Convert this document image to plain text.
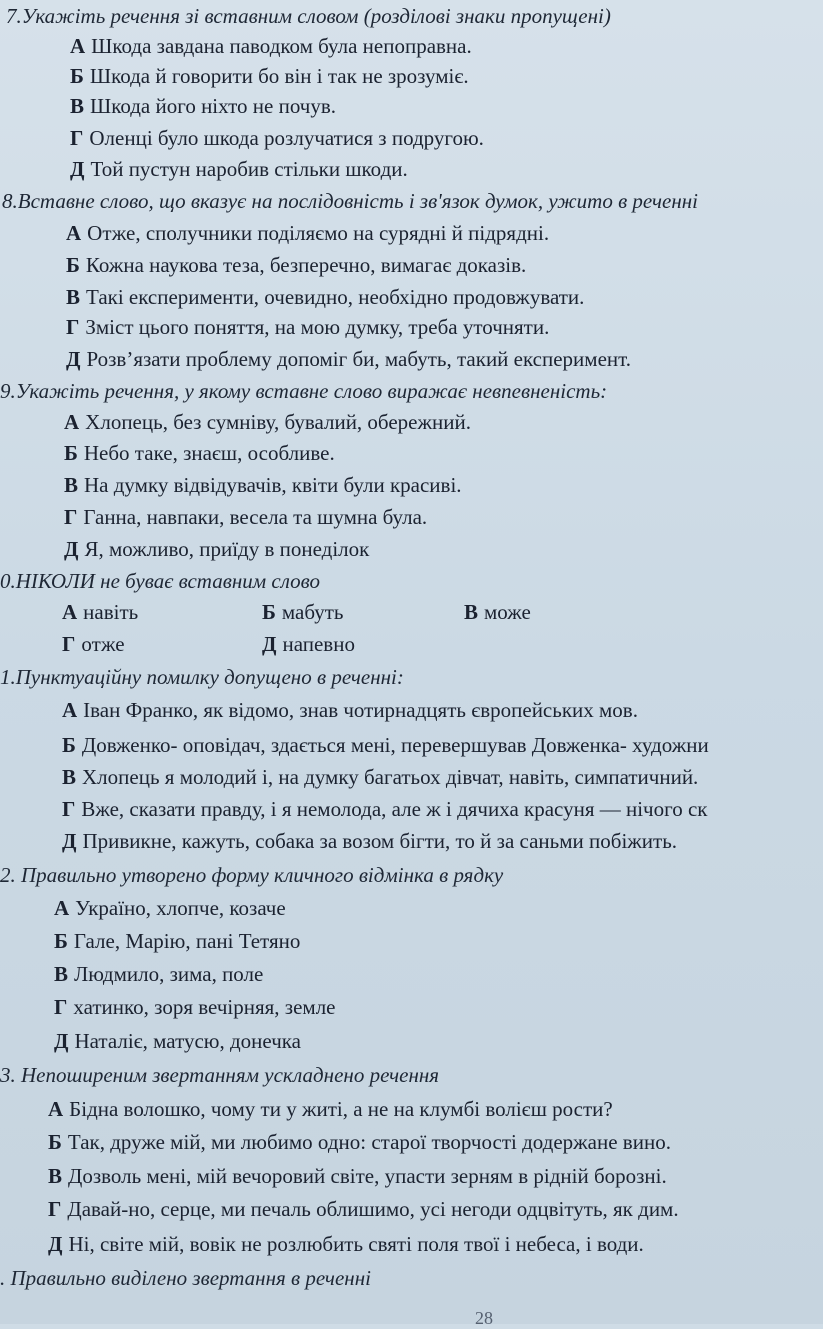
7.Укажіть речення зі вставним словом (розділові знаки пропущені)
А Шкода завдана паводком була непоправна.
Б Шкода й говорити бо він і так не зрозуміє.
В Шкода його ніхто не почув.
Г Оленці було шкода розлучатися з подругою.
Д Той пустун наробив стільки шкоди.
8.Вставне слово, що вказує на послідовність і зв'язок думок, ужито в реченні
А Отже, сполучники поділяємо на сурядні й підрядні.
Б Кожна наукова теза, безперечно, вимагає доказів.
В Такі експерименти, очевидно, необхідно продовжувати.
Г Зміст цього поняття, на мою думку, треба уточняти.
Д Розв’язати проблему допоміг би, мабуть, такий експеримент.
9.Укажіть речення, у якому вставне слово виражає невпевненість:
А Хлопець, без сумніву, бувалий, обережний.
Б Небо таке, знаєш, особливе.
В На думку відвідувачів, квіти були красиві.
Г Ганна, навпаки, весела та шумна була.
Д Я, можливо, приїду в понеділок
0.НІКОЛИ не буває вставним слово
А навіть	Б мабуть	В може
Г отже	Д напевно
1.Пунктуаційну помилку допущено в реченні:
А Іван Франко, як відомо, знав чотирнадцять європейських мов.
Б Довженко- оповідач, здається мені, перевершував Довженка- художни
В Хлопець я молодий і, на думку багатьох дівчат, навіть, симпатичний.
Г Вже, сказати правду, і я немолода, але ж і дячиха красуня — нічого ск
Д Привикне, кажуть, собака за возом бігти, то й за саньми побіжить.
2. Правильно утворено форму кличного відмінка в рядку
А Україно, хлопче, козаче
Б Гале, Марію, пані Тетяно
В Людмило, зима, поле
Г хатинко, зоря вечірняя, земле
Д Наталіє, матусю, донечка
3. Непоширеним звертанням ускладнено речення
А Бідна волошко, чому ти у житі, а не на клумбі волієш рости?
Б Так, друже мій, ми любимо одно: старої творчості додержане вино.
В Дозволь мені, мій вечоровий світе, упасти зерням в рідній борозні.
Г Давай-но, серце, ми печаль облишимо, усі негоди одцвітуть, як дим.
Д Ні, світе мій, вовік не розлюбить святі поля твої і небеса, і води.
. Правильно виділено звертання в реченні
28
